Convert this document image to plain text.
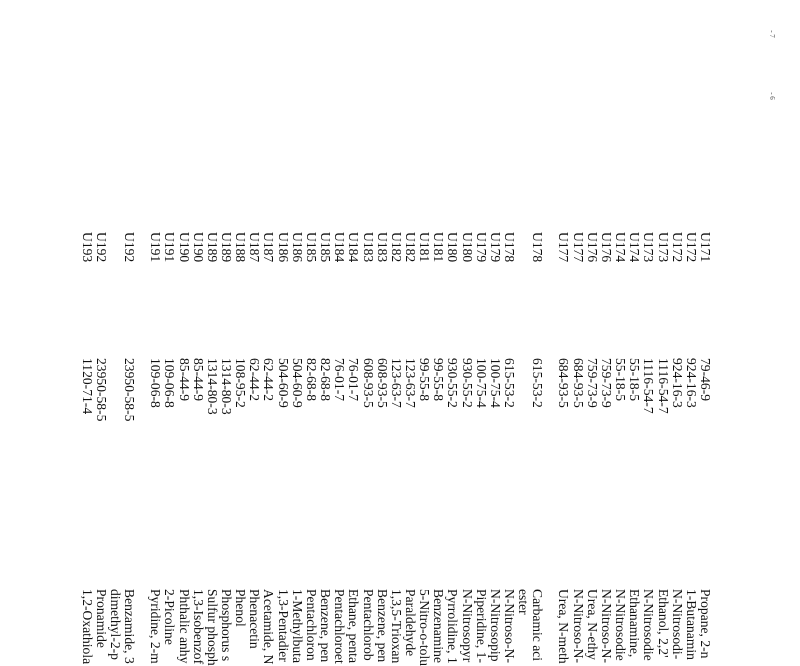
- 7
- 6
U171
79-46-9
Propane, 2-n
U172
924-16-3
1-Butanamin
U172
924-16-3
N-Nitrosodi-
U173
1116-54-7
Ethanol, 2,2'
U173
1116-54-7
N-Nitrosodie
U174
55-18-5
Ethanamine,
U174
55-18-5
N-Nitrosodie
U176
759-73-9
N-Nitroso-N-
U176
759-73-9
Urea, N-ethy
U177
684-93-5
N-Nitroso-N-
U177
684-93-5
Urea, N-meth
U178
615-53-2
Carbamic aci
ester
U178
615-53-2
N-Nitroso-N-
U179
100-75-4
N-Nitrosopip
U179
100-75-4
Piperidine, 1-
U180
930-55-2
N-Nitrosopyr
U180
930-55-2
Pyrrolidine, 1
U181
99-55-8
Benzenamine
U181
99-55-8
5-Nitro-o-tolu
U182
123-63-7
Paraldehyde
U182
123-63-7
1,3,5-Trioxan
U183
608-93-5
Benzene, pen
U183
608-93-5
Pentachlorob
U184
76-01-7
Ethane, penta
U184
76-01-7
Pentachloroet
U185
82-68-8
Benzene, pen
U185
82-68-8
Pentachloron
U186
504-60-9
1-Methylbuta
U186
504-60-9
1,3-Pentadier
U187
62-44-2
Acetamide, N
U187
62-44-2
Phenacetin
U188
108-95-2
Phenol
U189
1314-80-3
Phosphorus s
U189
1314-80-3
Sulfur phosph
U190
85-44-9
1,3-Isobenzof
U190
85-44-9
Phthalic anhy
U191
109-06-8
2-Picoline
U191
109-06-8
Pyridine, 2-m
U192
23950-58-5
Benzamide, 3
dimethyl-2-p
U192
23950-58-5
Pronamide
U193
1120-71-4
1,2-Oxathiola
